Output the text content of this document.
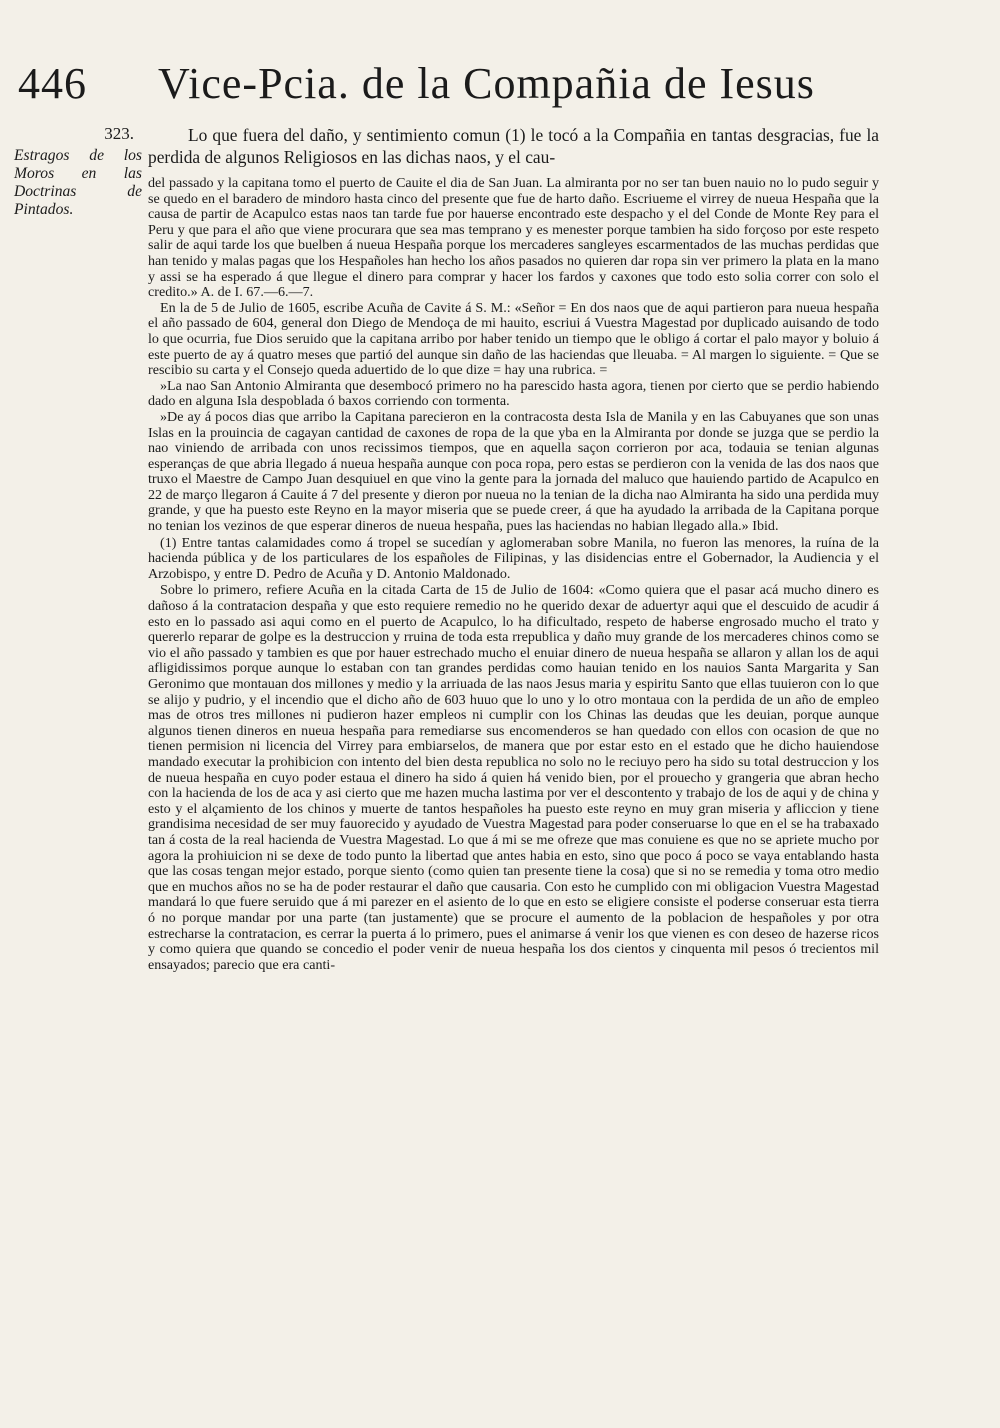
446 Vice-Pcia. de la Compañia de Iesus
323.
Estragos de los Moros en las Doctrinas de Pintados.

Lo que fuera del daño, y sentimiento comun (1) le tocó a la Compañia en tantas desgracias, fue la perdida de algunos Religiosos en las dichas naos, y el cau-

del passado y la capitana tomo el puerto de Cauite el dia de San Juan. La almiranta por no ser tan buen nauio no lo pudo seguir y se quedo en el baradero de mindoro hasta cinco del presente que fue de harto daño. Escriueme el virrey de nueua Hespaña que la causa de partir de Acapulco estas naos tan tarde fue por hauerse encontrado este despacho y el del Conde de Monte Rey para el Peru y que para el año que viene procurara que sea mas temprano y es menester porque tambien ha sido forçoso por este respeto salir de aqui tarde los que buelben á nueua Hespaña porque los mercaderes sangleyes escarmentados de las muchas perdidas que han tenido y malas pagas que los Hespañoles han hecho los años pasados no quieren dar ropa sin ver primero la plata en la mano y assi se ha esperado á que llegue el dinero para comprar y hacer los fardos y caxones que todo esto solia correr con solo el credito.» A. de I. 67.—6.—7.

En la de 5 de Julio de 1605, escribe Acuña de Cavite á S. M.: «Señor = En dos naos que de aqui partieron para nueua hespaña el año passado de 604, general don Diego de Mendoça de mi hauito, escriui á Vuestra Magestad por duplicado auisando de todo lo que ocurria, fue Dios seruido que la capitana arribo por haber tenido un tiempo que le obligo á cortar el palo mayor y boluio á este puerto de ay á quatro meses que partió del aunque sin daño de las haciendas que lleuaba. = Al margen lo siguiente. = Que se rescibio su carta y el Consejo queda aduertido de lo que dize = hay una rubrica. =

»La nao San Antonio Almiranta que desembocó primero no ha parescido hasta agora, tienen por cierto que se perdio habiendo dado en alguna Isla despoblada ó baxos corriendo con tormenta.

»De ay á pocos dias que arribo la Capitana parecieron en la contracosta desta Isla de Manila y en las Cabuyanes que son unas Islas en la prouincia de cagayan cantidad de caxones de ropa de la que yba en la Almiranta por donde se juzga que se perdio la nao viniendo de arribada con unos recissimos tiempos, que en aquella saçon corrieron por aca, todauia se tenian algunas esperanças de que abria llegado á nueua hespaña aunque con poca ropa, pero estas se perdieron con la venida de las dos naos que truxo el Maestre de Campo Juan desquiuel en que vino la gente para la jornada del maluco que hauiendo partido de Acapulco en 22 de março llegaron á Cauite á 7 del presente y dieron por nueua no la tenian de la dicha nao Almiranta ha sido una perdida muy grande, y que ha puesto este Reyno en la mayor miseria que se puede creer, á que ha ayudado la arribada de la Capitana porque no tenian los vezinos de que esperar dineros de nueua hespaña, pues las haciendas no habian llegado alla.» Ibid.

(1) Entre tantas calamidades como á tropel se sucedían y aglomeraban sobre Manila, no fueron las menores, la ruína de la hacienda pública y de los particulares de los españoles de Filipinas, y las disidencias entre el Gobernador, la Audiencia y el Arzobispo, y entre D. Pedro de Acuña y D. Antonio Maldonado.

Sobre lo primero, refiere Acuña en la citada Carta de 15 de Julio de 1604: «Como quiera que el pasar acá mucho dinero es dañoso á la contratacion despaña y que esto requiere remedio no he querido dexar de aduertyr aqui que el descuido de acudir á esto en lo passado asi aqui como en el puerto de Acapulco, lo ha dificultado, respeto de haberse engrosado mucho el trato y quererlo reparar de golpe es la destruccion y rruina de toda esta rrepublica y daño muy grande de los mercaderes chinos como se vio el año passado y tambien es que por hauer estrechado mucho el enuiar dinero de nueua hespaña se allaron y allan los de aqui afligidissimos porque aunque lo estaban con tan grandes perdidas como hauian tenido en los nauios Santa Margarita y San Geronimo que montauan dos millones y medio y la arriuada de las naos Jesus maria y espiritu Santo que ellas tuuieron con lo que se alijo y pudrio, y el incendio que el dicho año de 603 huuo que lo uno y lo otro montaua con la perdida de un año de empleo mas de otros tres millones ni pudieron hazer empleos ni cumplir con los Chinas las deudas que les deuian, porque aunque algunos tienen dineros en nueua hespaña para remediarse sus encomenderos se han quedado con ellos con ocasion de que no tienen permision ni licencia del Virrey para embiarselos, de manera que por estar esto en el estado que he dicho hauiendose mandado executar la prohibicion con intento del bien desta republica no solo no le reciuyo pero ha sido su total destruccion y los de nueua hespaña en cuyo poder estaua el dinero ha sido á quien há venido bien, por el prouecho y grangeria que abran hecho con la hacienda de los de aca y asi cierto que me hazen mucha lastima por ver el descontento y trabajo de los de aqui y de china y esto y el alçamiento de los chinos y muerte de tantos hespañoles ha puesto este reyno en muy gran miseria y afliccion y tiene grandisima necesidad de ser muy fauorecido y ayudado de Vuestra Magestad para poder conseruarse lo que en el se ha trabaxado tan á costa de la real hacienda de Vuestra Magestad. Lo que á mi se me ofreze que mas conuiene es que no se apriete mucho por agora la prohiuicion ni se dexe de todo punto la libertad que antes habia en esto, sino que poco á poco se vaya entablando hasta que las cosas tengan mejor estado, porque siento (como quien tan presente tiene la cosa) que si no se remedia y toma otro medio que en muchos años no se ha de poder restaurar el daño que causaria. Con esto he cumplido con mi obligacion Vuestra Magestad mandará lo que fuere seruido que á mi parezer en el asiento de lo que en esto se eligiere consiste el poderse conseruar esta tierra ó no porque mandar por una parte (tan justamente) que se procure el aumento de la poblacion de hespañoles y por otra estrecharse la contratacion, es cerrar la puerta á lo primero, pues el animarse á venir los que vienen es con deseo de hazerse ricos y como quiera que quando se concedio el poder venir de nueua hespaña los dos cientos y cinquenta mil pesos ó trecientos mil ensayados; parecio que era canti-
